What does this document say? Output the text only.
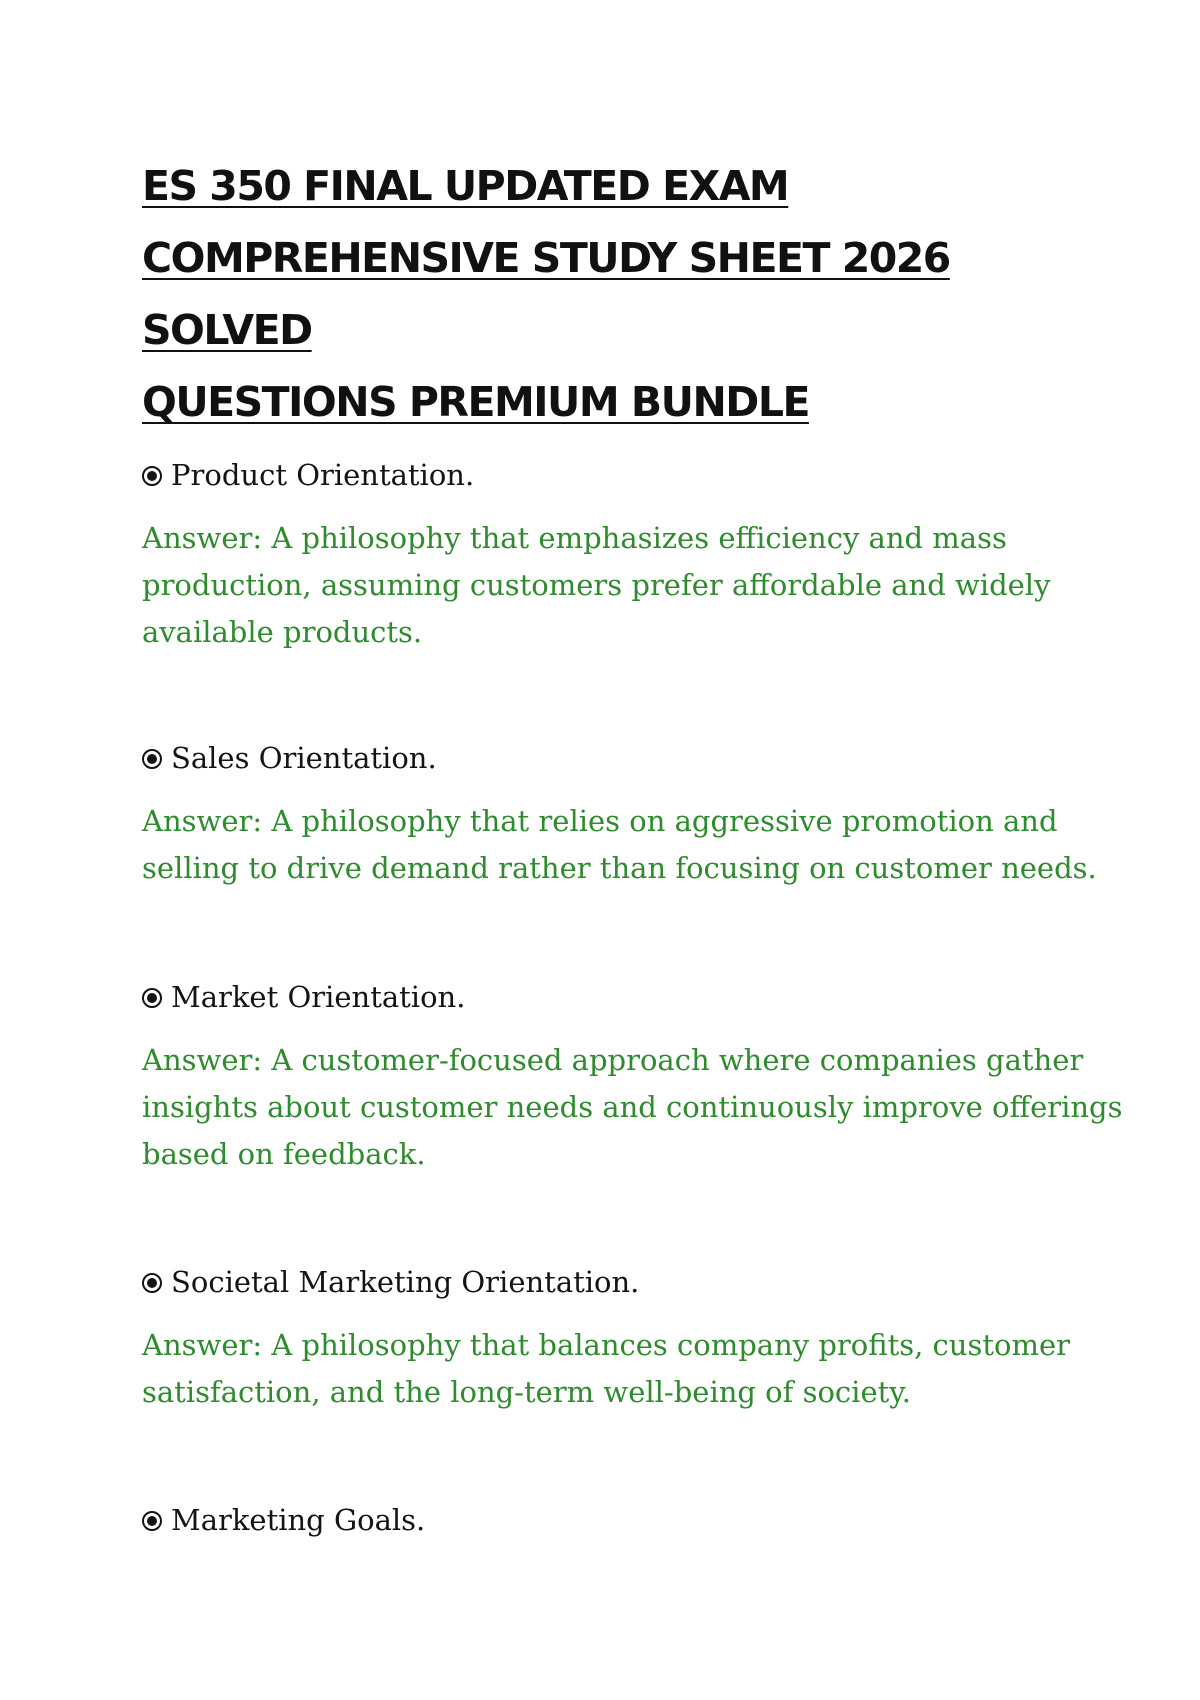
ES 350 FINAL UPDATED EXAM
COMPREHENSIVE STUDY SHEET 2026 SOLVED
QUESTIONS PREMIUM BUNDLE

Product Orientation.

Answer: A philosophy that emphasizes efficiency and mass
production, assuming customers prefer affordable and widely
available products.

Sales Orientation.

Answer: A philosophy that relies on aggressive promotion and
selling to drive demand rather than focusing on customer needs.

Market Orientation.

Answer: A customer-focused approach where companies gather
insights about customer needs and continuously improve offerings
based on feedback.

Societal Marketing Orientation.

Answer: A philosophy that balances company profits, customer
satisfaction, and the long-term well-being of society.

Marketing Goals.
